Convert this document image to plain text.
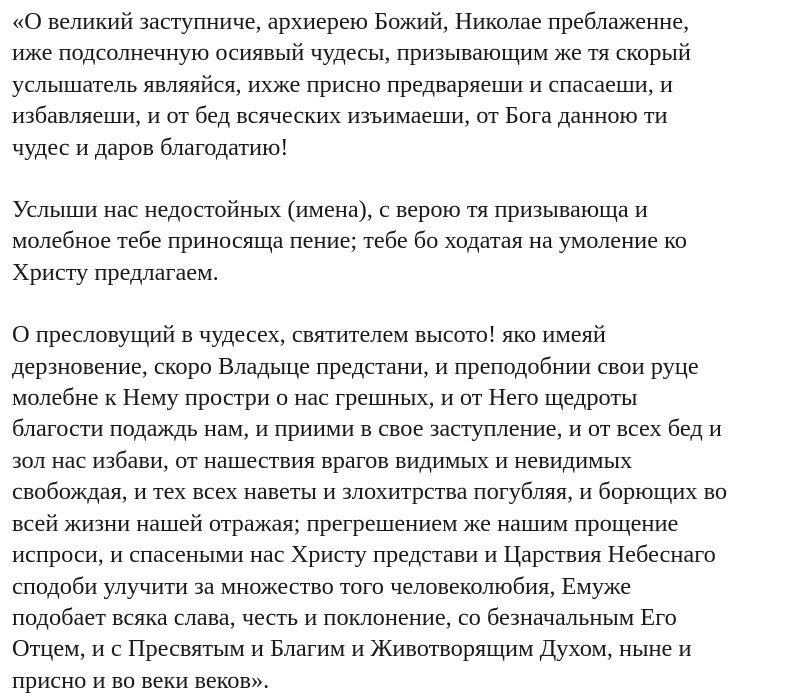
«О великий заступниче, архиерею Божий, Николае преблаженне,
иже подсолнечную осиявый чудесы, призывающим же тя скорый
услышатель являяйся, ихже присно предваряеши и спасаеши, и
избавляеши, и от бед всяческих изъимаеши, от Бога данною ти
чудес и даров благодатию!
Услыши нас недостойных (имена), с верою тя призывающа и
молебное тебе приносяща пение; тебе бо ходатая на умоление ко
Христу предлагаем.
О пресловущий в чудесех, святителем высото! яко имеяй
дерзновение, скоро Владыце предстани, и преподобнии свои руце
молебне к Нему простри о нас грешных, и от Него щедроты
благости подаждь нам, и приими в свое заступление, и от всех бед и
зол нас избави, от нашествия врагов видимых и невидимых
свобождая, и тех всех наветы и злохитрства погубляя, и борющих во
всей жизни нашей отражая; прегрешением же нашим прощение
испроси, и спасеными нас Христу представи и Царствия Небеснаго
сподоби улучити за множество того человеколюбия, Емуже
подобает всяка слава, честь и поклонение, со безначальным Его
Отцем, и с Пресвятым и Благим и Животворящим Духом, ныне и
присно и во веки веков».
